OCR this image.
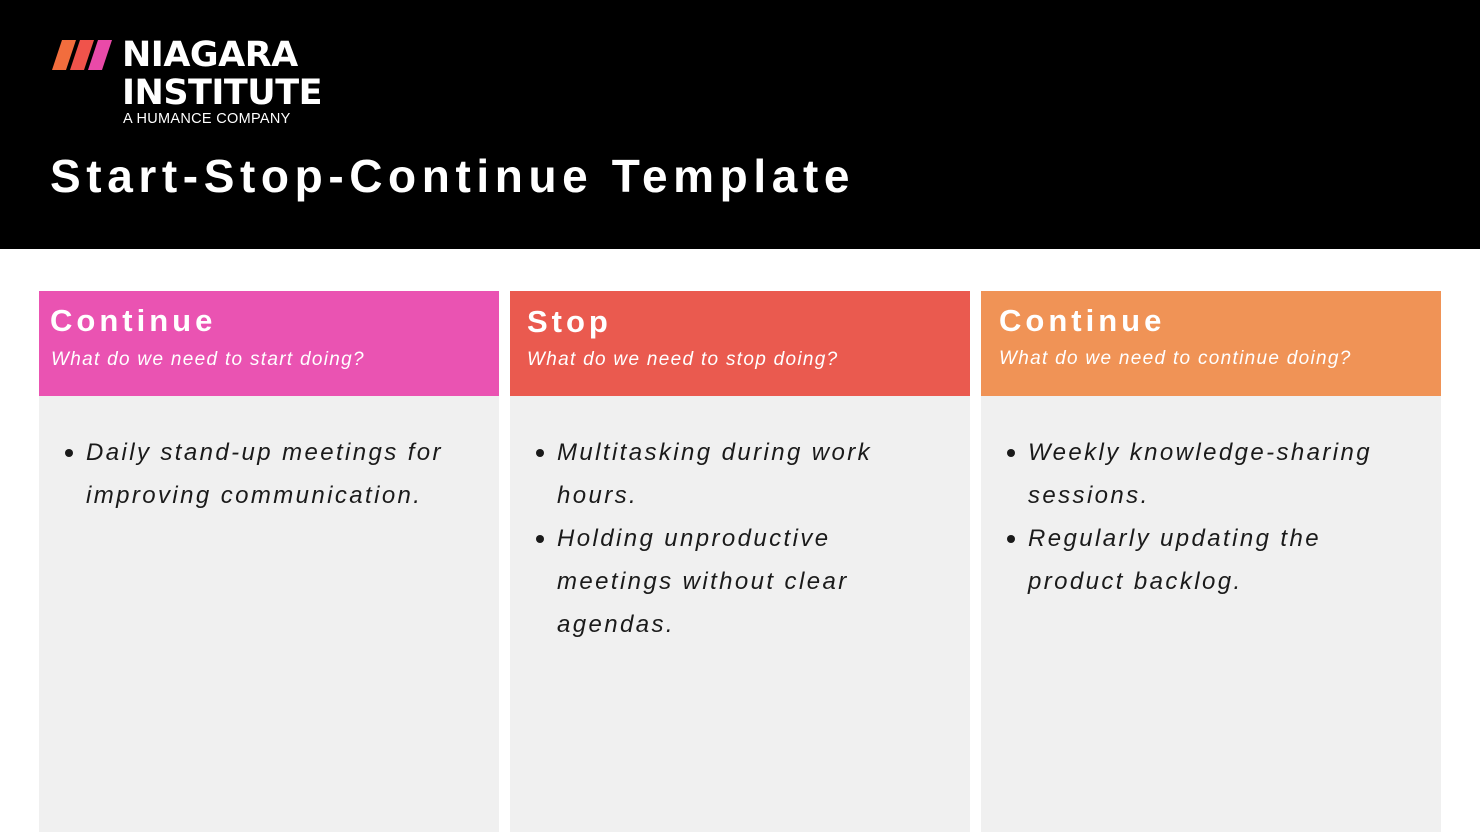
NIAGARA
INSTITUTE
A HUMANCE COMPANY
Start-Stop-Continue Template
Continue
What do we need to start doing?
Daily stand-up meetings for improving communication.
Stop
What do we need to stop doing?
Multitasking during work hours.
Holding unproductive meetings without clear agendas.
Continue
What do we need to continue doing?
Weekly knowledge-sharing sessions.
Regularly updating the product backlog.
